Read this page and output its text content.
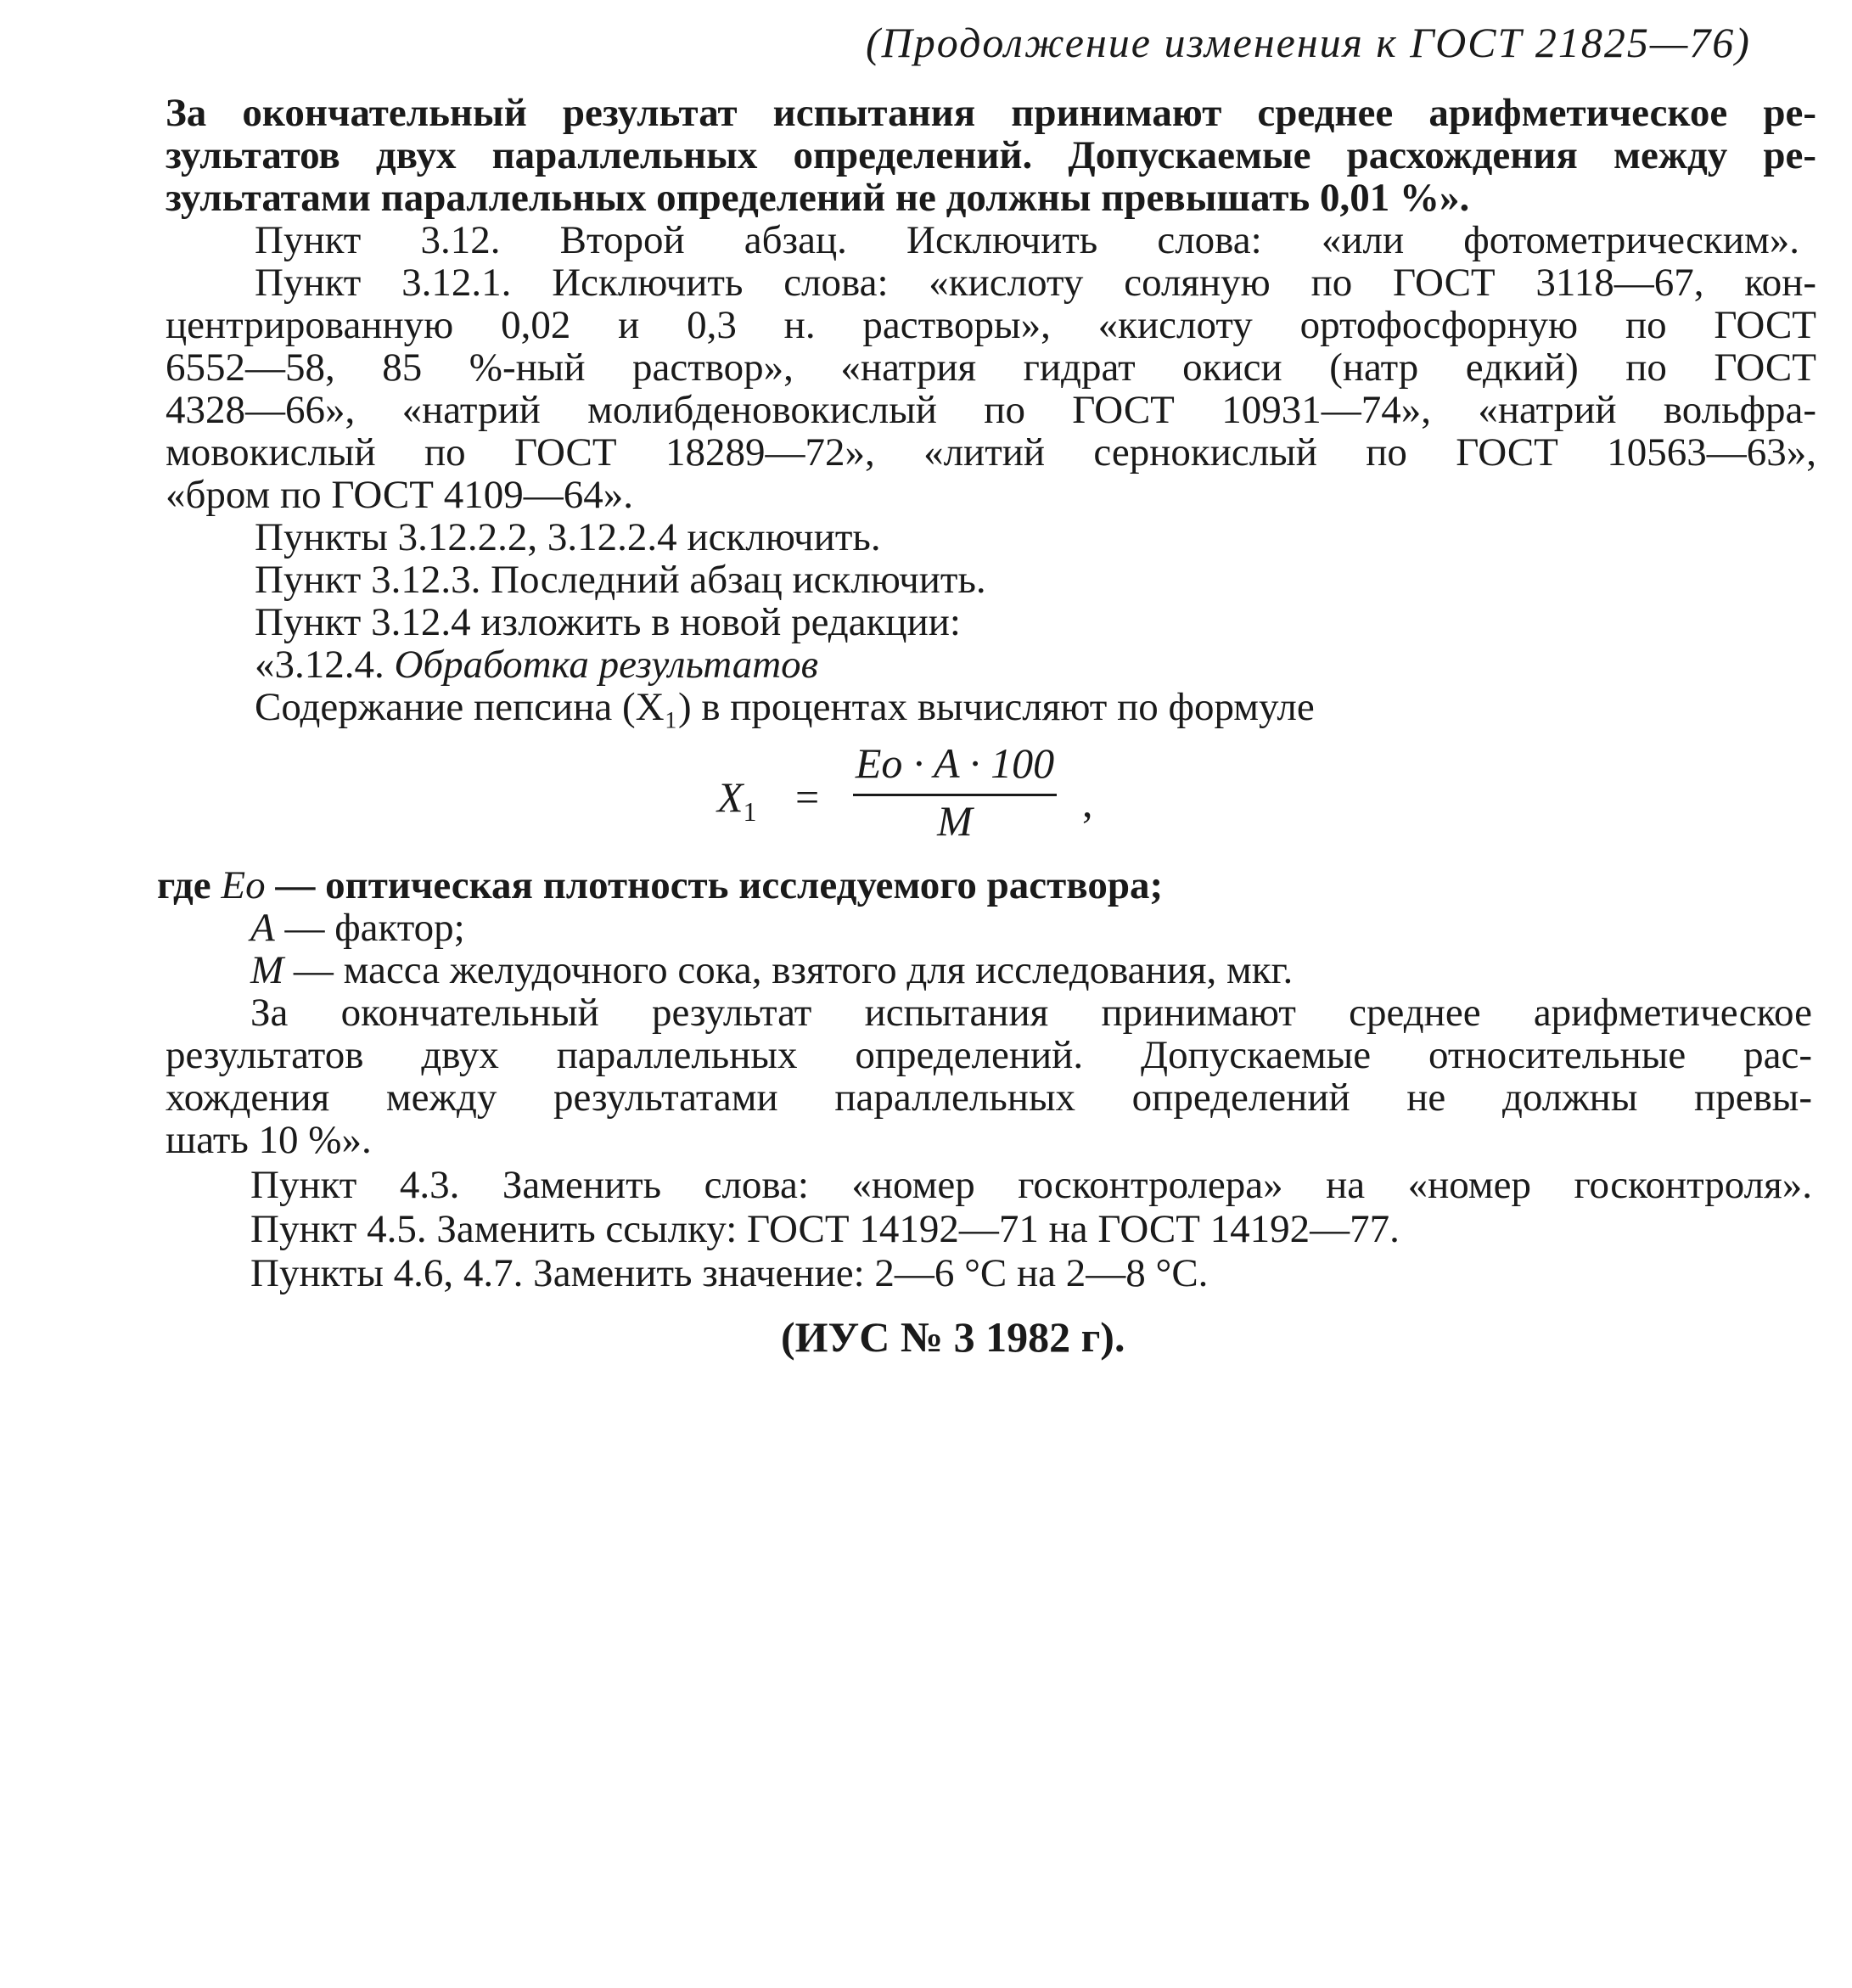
(Продолжение изменения к ГОСТ 21825—76)
За окончательный результат испытания принимают среднее арифметическое ре-
зультатов двух параллельных определений. Допускаемые расхождения между ре-
зультатами параллельных определений не должны превышать 0,01 %».
Пункт 3.12. Второй абзац. Исключить слова: «или фотометрическим».
Пункт 3.12.1. Исключить слова: «кислоту соляную по ГОСТ 3118—67, кон-
центрированную 0,02 и 0,3 н. растворы», «кислоту ортофосфорную по ГОСТ
6552—58, 85 %-ный раствор», «натрия гидрат окиси (натр едкий) по ГОСТ
4328—66», «натрий молибденовокислый по ГОСТ 10931—74», «натрий вольфра-
мовокислый по ГОСТ 18289—72», «литий сернокислый по ГОСТ 10563—63»,
«бром по ГОСТ 4109—64».
Пункты 3.12.2.2, 3.12.2.4 исключить.
Пункт 3.12.3. Последний абзац исключить.
Пункт 3.12.4 изложить в новой редакции:
«3.12.4. Обработка результатов
Содержание пепсина (X₁) в процентах вычисляют по формуле
$X_1$ =
Eo · A · 100
M	,
где Eo — оптическая плотность исследуемого раствора;
A — фактор;
M — масса желудочного сока, взятого для исследования, мкг.
За окончательный результат испытания принимают среднее арифметическое
результатов двух параллельных определений. Допускаемые относительные рас-
хождения между результатами параллельных определений не должны превы-
шать 10 %».
Пункт 4.3. Заменить слова: «номер госконтролера» на «номер госконтроля».
Пункт 4.5. Заменить ссылку: ГОСТ 14192—71 на ГОСТ 14192—77.
Пункты 4.6, 4.7. Заменить значение: 2—6 °С на 2—8 °С.
(ИУС № 3 1982 г).
